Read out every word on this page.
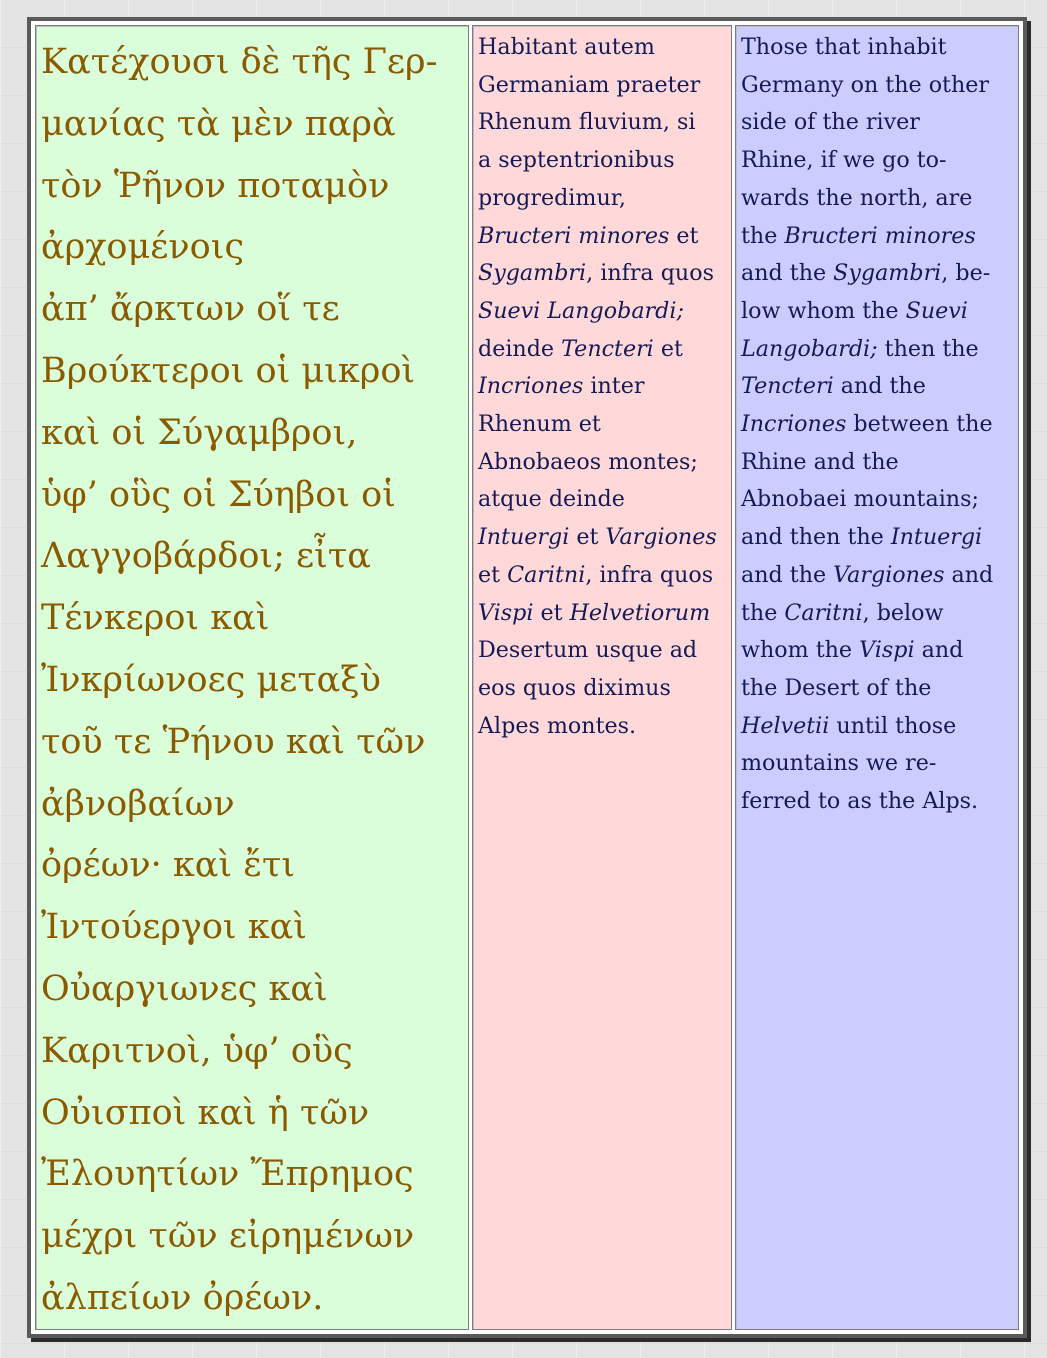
Κατέχουσι δὲ τῆς Γερ-
μανίας τὰ μὲν παρὰ
τὸν Ῥῆνον ποταμὸν
ἀρχομένοις
ἀπ’ ἄρκτων οἵ τε
Βρούκτεροι οἱ μικροὶ
καὶ οἱ Σύγαμβροι,
ὑφ’ οὓς οἱ Σύηβοι οἱ
Λαγγοβάρδοι; εἶτα
Τένκεροι καὶ
Ἰνκρίωνοες μεταξὺ
τοῦ τε Ῥήνου καὶ τῶν
ἀβνοβαίων
ὀρέων· καὶ ἔτι
Ἰντούεργοι καὶ
Οὐαργιωνες καὶ
Καριτνοὶ, ὑφ’ οὓς
Οὐισποὶ καὶ ἡ τῶν
Ἐλουητίων Ἔπρημος
μέχρι τῶν εἰρημένων
ἀλπείων ὀρέων.
Habitant autem
Germaniam praeter
Rhenum fluvium, si
a septentrionibus
progredimur,
Bructeri minores et
Sygambri, infra quos
Suevi Langobardi;
deinde Tencteri et
Incriones inter
Rhenum et
Abnobaeos montes;
atque deinde
Intuergi et Vargiones
et Caritni, infra quos
Vispi et Helvetiorum
Desertum usque ad
eos quos diximus
Alpes montes.
Those that inhabit
Germany on the other
side of the river
Rhine, if we go to-
wards the north, are
the Bructeri minores
and the Sygambri, be-
low whom the Suevi
Langobardi; then the
Tencteri and the
Incriones between the
Rhine and the
Abnobaei mountains;
and then the Intuergi
and the Vargiones and
the Caritni, below
whom the Vispi and
the Desert of the
Helvetii until those
mountains we re-
ferred to as the Alps.
